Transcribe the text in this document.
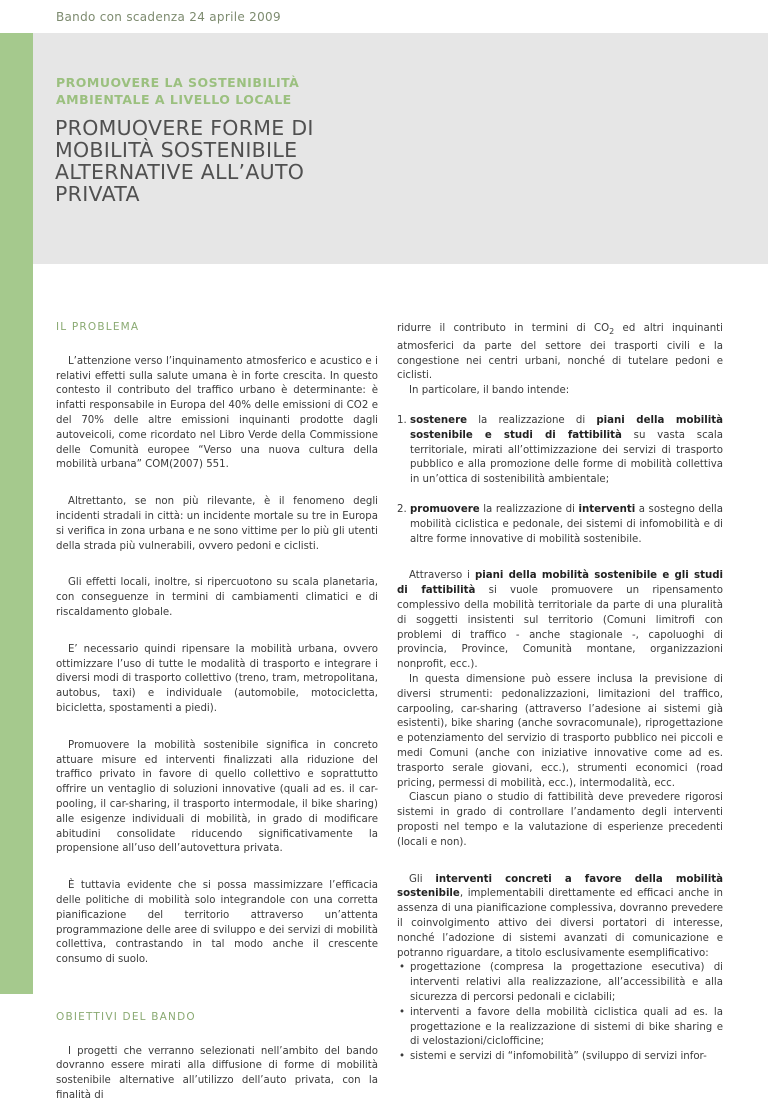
Bando con scadenza 24 aprile 2009
PROMUOVERE LA SOSTENIBILITÀ AMBIENTALE A LIVELLO LOCALE
PROMUOVERE FORME DI MOBILITÀ SOSTENIBILE ALTERNATIVE ALL’AUTO PRIVATA
IL PROBLEMA

L’attenzione verso l’inquinamento atmosferico e acustico e i relativi effetti sulla salute umana è in forte crescita. In questo contesto il contributo del traffico urbano è determinante: è infatti responsabile in Europa del 40% delle emissioni di CO2 e del 70% delle altre emissioni inquinanti prodotte dagli autoveicoli, come ricordato nel Libro Verde della Commissione delle Comunità europee “Verso una nuova cultura della mobilità urbana” COM(2007) 551.

Altrettanto, se non più rilevante, è il fenomeno degli incidenti stradali in città: un incidente mortale su tre in Europa si verifica in zona urbana e ne sono vittime per lo più gli utenti della strada più vulnerabili, ovvero pedoni e ciclisti.

Gli effetti locali, inoltre, si ripercuotono su scala planetaria, con conseguenze in termini di cambiamenti climatici e di riscaldamento globale.

E’ necessario quindi ripensare la mobilità urbana, ovvero ottimizzare l’uso di tutte le modalità di trasporto e integrare i diversi modi di trasporto collettivo (treno, tram, metropolitana, autobus, taxi) e individuale (automobile, motocicletta, bicicletta, spostamenti a piedi).

Promuovere la mobilità sostenibile significa in concreto attuare misure ed interventi finalizzati alla riduzione del traffico privato in favore di quello collettivo e soprattutto offrire un ventaglio di soluzioni innovative (quali ad es. il car-pooling, il car-sharing, il trasporto intermodale, il bike sharing) alle esigenze individuali di mobilità, in grado di modificare abitudini consolidate riducendo significativamente la propensione all’uso dell’autovettura privata.

È tuttavia evidente che si possa massimizzare l’efficacia delle politiche di mobilità solo integrandole con una corretta pianificazione del territorio attraverso un’attenta programmazione delle aree di sviluppo e dei servizi di mobilità collettiva, contrastando in tal modo anche il crescente consumo di suolo.

OBIETTIVI DEL BANDO

I progetti che verranno selezionati nell’ambito del bando dovranno essere mirati alla diffusione di forme di mobilità sostenibile alternative all’utilizzo dell’auto privata, con la finalità di

ridurre il contributo in termini di $CO_2$ ed altri inquinanti atmosferici da parte del settore dei trasporti civili e la congestione nei centri urbani, nonché di tutelare pedoni e ciclisti.

In particolare, il bando intende:

1. sostenere la realizzazione di piani della mobilità sostenibile e studi di fattibilità su vasta scala territoriale, mirati all’ottimizzazione dei servizi di trasporto pubblico e alla promozione delle forme di mobilità collettiva in un’ottica di sostenibilità ambientale;
2. promuovere la realizzazione di interventi a sostegno della mobilità ciclistica e pedonale, dei sistemi di infomobilità e di altre forme innovative di mobilità sostenibile.

Attraverso i piani della mobilità sostenibile e gli studi di fattibilità si vuole promuovere un ripensamento complessivo della mobilità territoriale da parte di una pluralità di soggetti insistenti sul territorio (Comuni limitrofi con problemi di traffico - anche stagionale -, capoluoghi di provincia, Province, Comunità montane, organizzazioni nonprofit, ecc.).

In questa dimensione può essere inclusa la previsione di diversi strumenti: pedonalizzazioni, limitazioni del traffico, carpooling, car-sharing (attraverso l’adesione ai sistemi già esistenti), bike sharing (anche sovracomunale), riprogettazione e potenziamento del servizio di trasporto pubblico nei piccoli e medi Comuni (anche con iniziative innovative come ad es. trasporto serale giovani, ecc.), strumenti economici (road pricing, permessi di mobilità, ecc.), intermodalità, ecc.

Ciascun piano o studio di fattibilità deve prevedere rigorosi sistemi in grado di controllare l’andamento degli interventi proposti nel tempo e la valutazione di esperienze precedenti (locali e non).

Gli interventi concreti a favore della mobilità sostenibile, implementabili direttamente ed efficaci anche in assenza di una pianificazione complessiva, dovranno prevedere il coinvolgimento attivo dei diversi portatori di interesse, nonché l’adozione di sistemi avanzati di comunicazione e potranno riguardare, a titolo esclusivamente esemplificativo:

• progettazione (compresa la progettazione esecutiva) di interventi relativi alla realizzazione, all’accessibilità e alla sicurezza di percorsi pedonali e ciclabili;
• interventi a favore della mobilità ciclistica quali ad es. la progettazione e la realizzazione di sistemi di bike sharing e di velostazioni/ciclofficine;
• sistemi e servizi di “infomobilità” (sviluppo di servizi infor-
